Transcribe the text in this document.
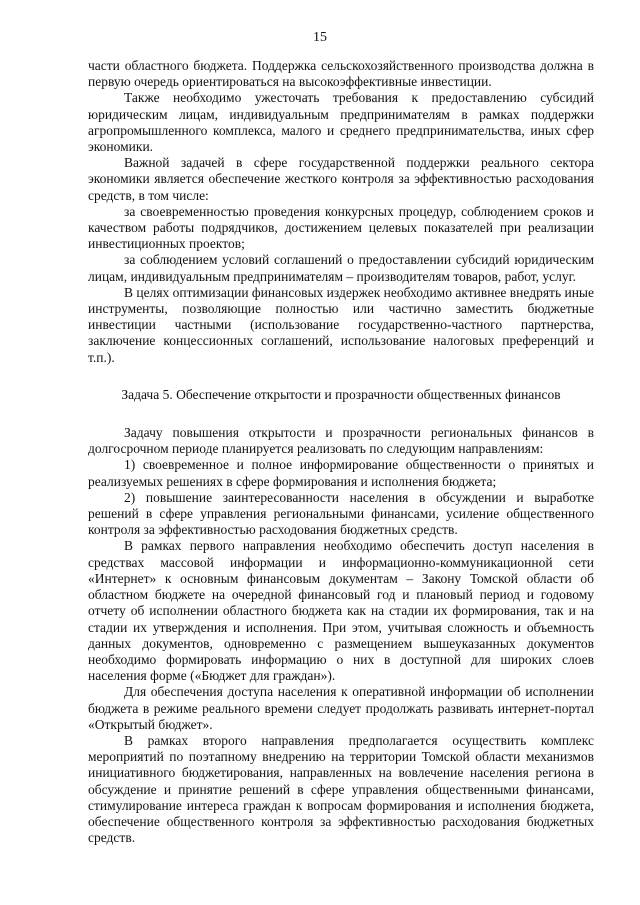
15

части областного бюджета. Поддержка сельскохозяйственного производства должна в первую очередь ориентироваться на высокоэффективные инвестиции.

Также необходимо ужесточать требования к предоставлению субсидий юридическим лицам, индивидуальным предпринимателям в рамках поддержки агропромышленного комплекса, малого и среднего предпринимательства, иных сфер экономики.

Важной задачей в сфере государственной поддержки реального сектора экономики является обеспечение жесткого контроля за эффективностью расходования средств, в том числе:

за своевременностью проведения конкурсных процедур, соблюдением сроков и качеством работы подрядчиков, достижением целевых показателей при реализации инвестиционных проектов;

за соблюдением условий соглашений о предоставлении субсидий юридическим лицам, индивидуальным предпринимателям – производителям товаров, работ, услуг.

В целях оптимизации финансовых издержек необходимо активнее внедрять иные инструменты, позволяющие полностью или частично заместить бюджетные инвестиции частными (использование государственно-частного партнерства, заключение концессионных соглашений, использование налоговых преференций и т.п.).

Задача 5. Обеспечение открытости и прозрачности общественных финансов

Задачу повышения открытости и прозрачности региональных финансов в долгосрочном периоде планируется реализовать по следующим направлениям:

1) своевременное и полное информирование общественности о принятых и реализуемых решениях в сфере формирования и исполнения бюджета;

2) повышение заинтересованности населения в обсуждении и выработке решений в сфере управления региональными финансами, усиление общественного контроля за эффективностью расходования бюджетных средств.

В рамках первого направления необходимо обеспечить доступ населения в средствах массовой информации и информационно-коммуникационной сети «Интернет» к основным финансовым документам – Закону Томской области об областном бюджете на очередной финансовый год и плановый период и годовому отчету об исполнении областного бюджета как на стадии их формирования, так и на стадии их утверждения и исполнения. При этом, учитывая сложность и объемность данных документов, одновременно с размещением вышеуказанных документов необходимо формировать информацию о них в доступной для широких слоев населения форме («Бюджет для граждан»).

Для обеспечения доступа населения к оперативной информации об исполнении бюджета в режиме реального времени следует продолжать развивать интернет-портал «Открытый бюджет».

В рамках второго направления предполагается осуществить комплекс мероприятий по поэтапному внедрению на территории Томской области механизмов инициативного бюджетирования, направленных на вовлечение населения региона в обсуждение и принятие решений в сфере управления общественными финансами, стимулирование интереса граждан к вопросам формирования и исполнения бюджета, обеспечение общественного контроля за эффективностью расходования бюджетных средств.
